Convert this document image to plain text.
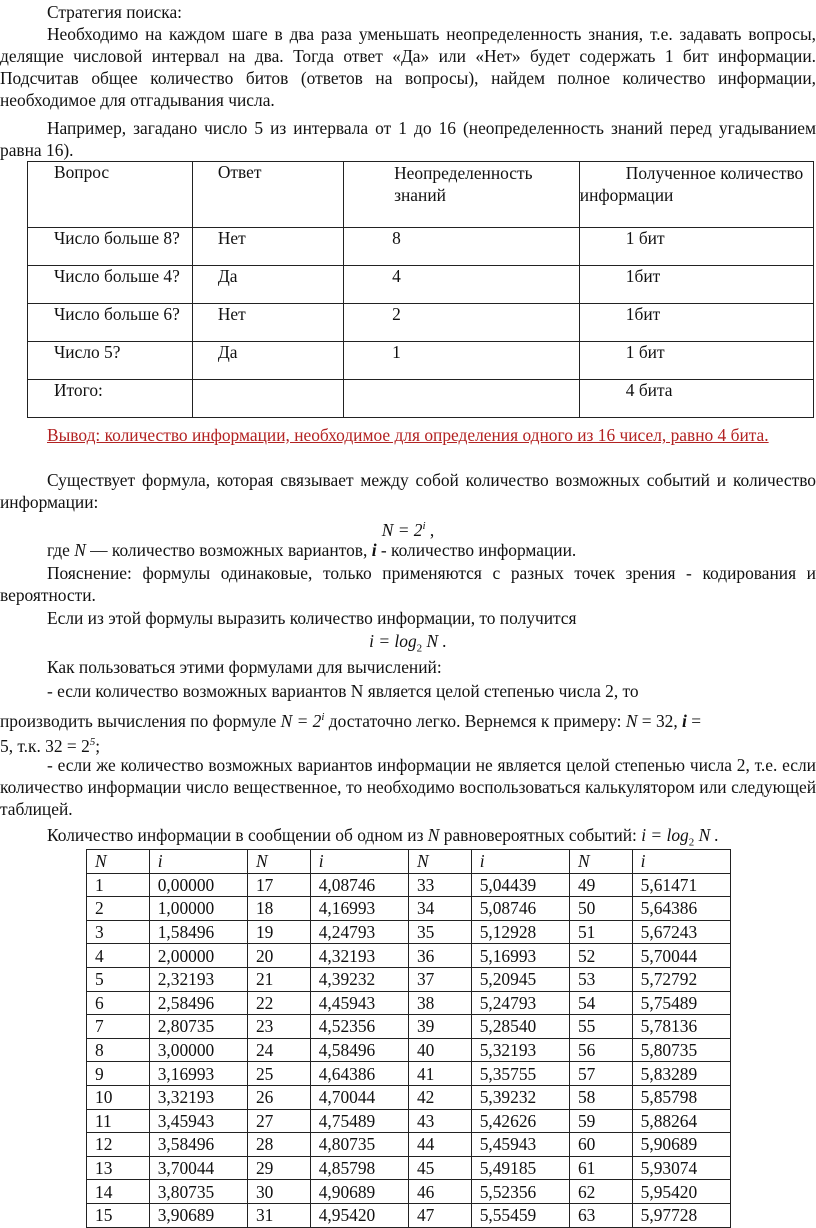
Стратегия поиска:
Необходимо на каждом шаге в два раза уменьшать неопределенность знания, т.е. задавать вопросы, делящие числовой интервал на два. Тогда ответ «Да» или «Нет» будет содержать 1 бит информации. Подсчитав общее количество битов (ответов на вопросы), найдем полное количество информации, необходимое для отгадывания числа.
Например, загадано число 5 из интервала от 1 до 16 (неопределенность знаний перед угадыванием равна 16).
Вопрос	Ответ	Неопределенность знаний	Полученное количество информации

Число больше 8?	Нет	8	1 бит
Число больше 4?	Да	4	1бит
Число больше 6?	Нет	2	1бит
Число 5?	Да	1	1 бит
Итого:			4 бита
Вывод: количество информации, необходимое для определения одного из 16 чисел, равно 4 бита.
Существует формула, которая связывает между собой количество возможных событий и количество информации:
$N = 2^i$ ,
где N — количество возможных вариантов, i - количество информации.
Пояснение: формулы одинаковые, только применяются с разных точек зрения - кодирования и вероятности.
Если из этой формулы выразить количество информации, то получится
$i = \log_2 N$ .
Как пользоваться этими формулами для вычислений:
- если количество возможных вариантов N является целой степенью числа 2, то
производить вычисления по формуле $N = 2^i$ достаточно легко. Вернемся к примеру: N = 32, i =
5, т.к. $32 = 2^5$;
- если же количество возможных вариантов информации не является целой степенью числа 2, т.е. если количество информации число вещественное, то необходимо воспользоваться калькулятором или следующей таблицей.
Количество информации в сообщении об одном из N равновероятных событий: $i = \log_2 N$ .
N	i	N	i	N	i	N	i
1	0,00000	17	4,08746	33	5,04439	49	5,61471
2	1,00000	18	4,16993	34	5,08746	50	5,64386
3	1,58496	19	4,24793	35	5,12928	51	5,67243
4	2,00000	20	4,32193	36	5,16993	52	5,70044
5	2,32193	21	4,39232	37	5,20945	53	5,72792
6	2,58496	22	4,45943	38	5,24793	54	5,75489
7	2,80735	23	4,52356	39	5,28540	55	5,78136
8	3,00000	24	4,58496	40	5,32193	56	5,80735
9	3,16993	25	4,64386	41	5,35755	57	5,83289
10	3,32193	26	4,70044	42	5,39232	58	5,85798
11	3,45943	27	4,75489	43	5,42626	59	5,88264
12	3,58496	28	4,80735	44	5,45943	60	5,90689
13	3,70044	29	4,85798	45	5,49185	61	5,93074
14	3,80735	30	4,90689	46	5,52356	62	5,95420
15	3,90689	31	4,95420	47	5,55459	63	5,97728
